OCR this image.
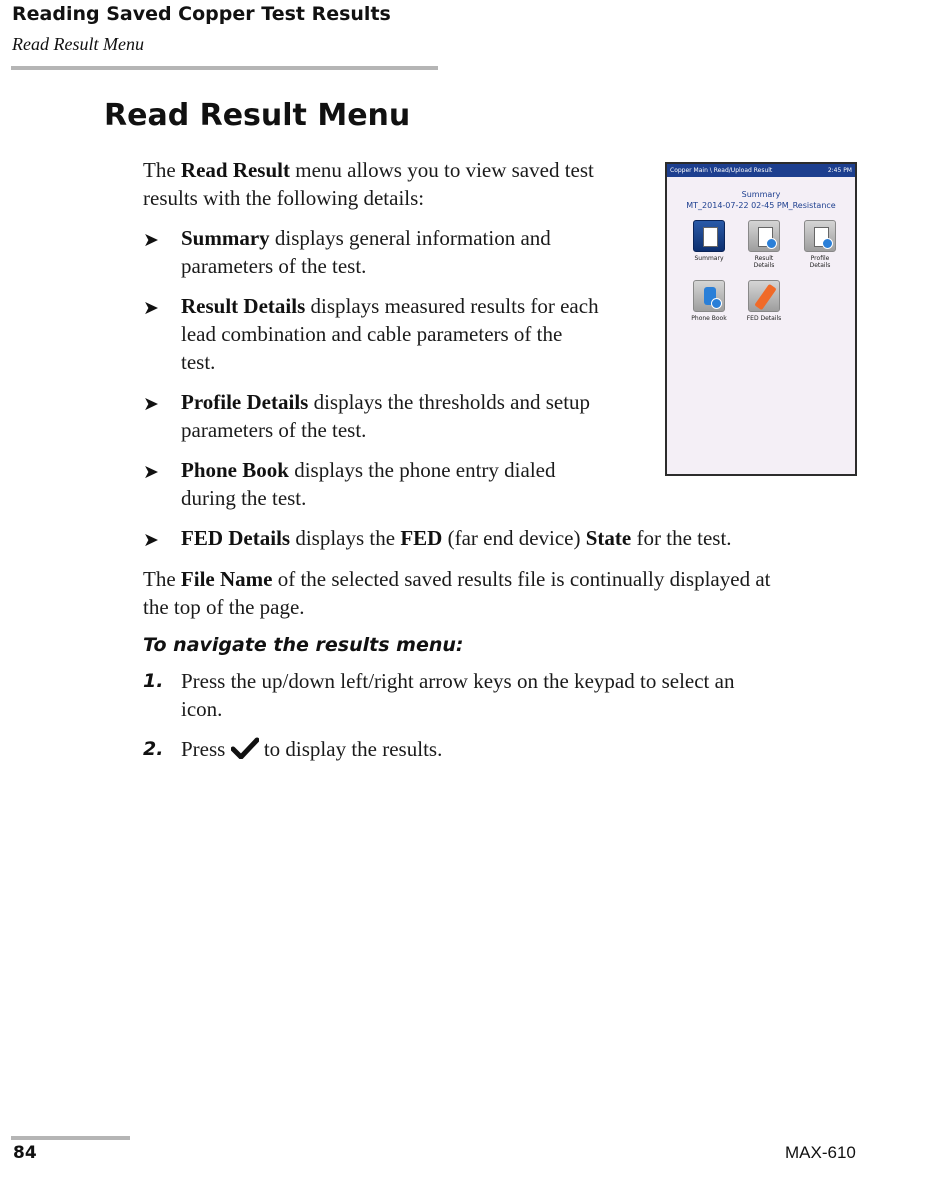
Reading Saved Copper Test Results
Read Result Menu
Read Result Menu
The Read Result menu allows you to view saved test
results with the following details:
➤ Summary displays general information and
parameters of the test.
➤ Result Details displays measured results for each
lead combination and cable parameters of the
test.
➤ Profile Details displays the thresholds and setup
parameters of the test.
➤ Phone Book displays the phone entry dialed
during the test.
➤ FED Details displays the FED (far end device) State for the test.
The File Name of the selected saved results file is continually displayed at
the top of the page.
To navigate the results menu:
1. Press the up/down left/right arrow keys on the keypad to select an
icon.
2. Press  to display the results.
Copper Main \ Read/Upload Result	2:45 PM
Summary
MT_2014-07-22 02-45 PM_Resistance
Summary	Result
Details
Profile
Details
Phone Book	FED Details
84	MAX-610
